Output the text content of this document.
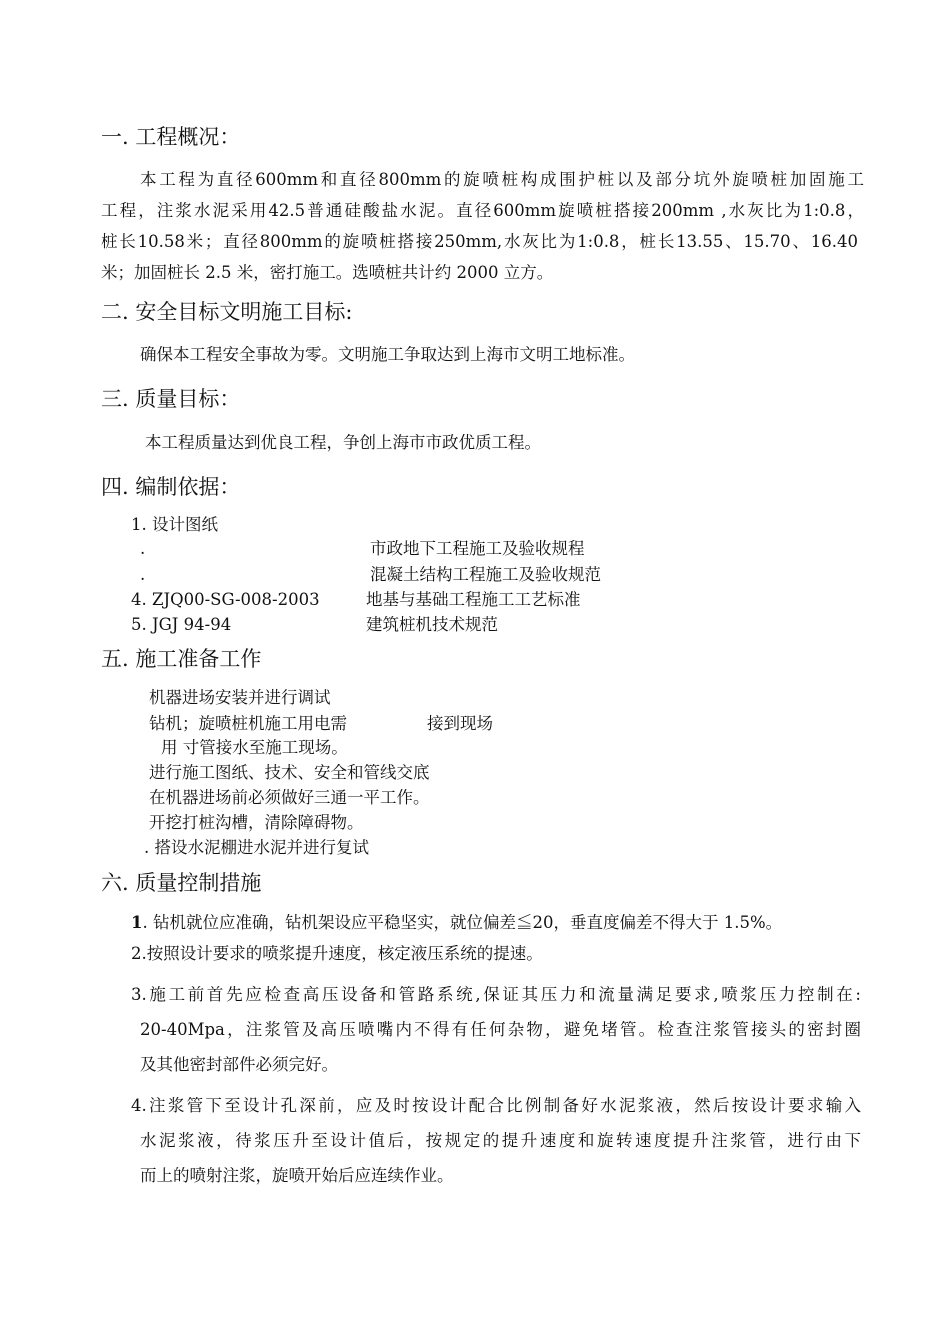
一. 工程概况：
本工程为直径600mm和直径800mm的旋喷桩构成围护桩以及部分坑外旋喷桩加固施工
工程，注浆水泥采用42.5普通硅酸盐水泥。直径600mm旋喷桩搭接200mm ,水灰比为1:0.8，
桩长10.58米；直径800mm的旋喷桩搭接250mm,水灰比为1:0.8，桩长13.55、15.70、16.40
米；加固桩长 2.5 米，密打施工。选喷桩共计约 2000 立方。
二. 安全目标文明施工目标:
确保本工程安全事故为零。文明施工争取达到上海市文明工地标准。
三. 质量目标：
本工程质量达到优良工程，争创上海市市政优质工程。
四. 编制依据：
1. 设计图纸
.	市政地下工程施工及验收规程
.	混凝土结构工程施工及验收规范
4. ZJQ00-SG-008-2003	地基与基础工程施工工艺标准
5. JGJ 94-94	建筑桩机技术规范
五. 施工准备工作
机器进场安装并进行调试
钻机；旋喷桩机施工用电需	接到现场
用 寸管接水至施工现场。
进行施工图纸、技术、安全和管线交底
在机器进场前必须做好三通一平工作。
开挖打桩沟槽，清除障碍物。
. 搭设水泥棚进水泥并进行复试
六. 质量控制措施
1. 钻机就位应准确，钻机架设应平稳坚实，就位偏差≦20，垂直度偏差不得大于 1.5%。
2.按照设计要求的喷浆提升速度，核定液压系统的提速。
3.施工前首先应检查高压设备和管路系统,保证其压力和流量满足要求,喷浆压力控制在:
20-40Mpa，注浆管及高压喷嘴内不得有任何杂物，避免堵管。检查注浆管接头的密封圈
及其他密封部件必须完好。
4.注浆管下至设计孔深前，应及时按设计配合比例制备好水泥浆液，然后按设计要求输入
水泥浆液，待浆压升至设计值后，按规定的提升速度和旋转速度提升注浆管，进行由下
而上的喷射注浆，旋喷开始后应连续作业。
